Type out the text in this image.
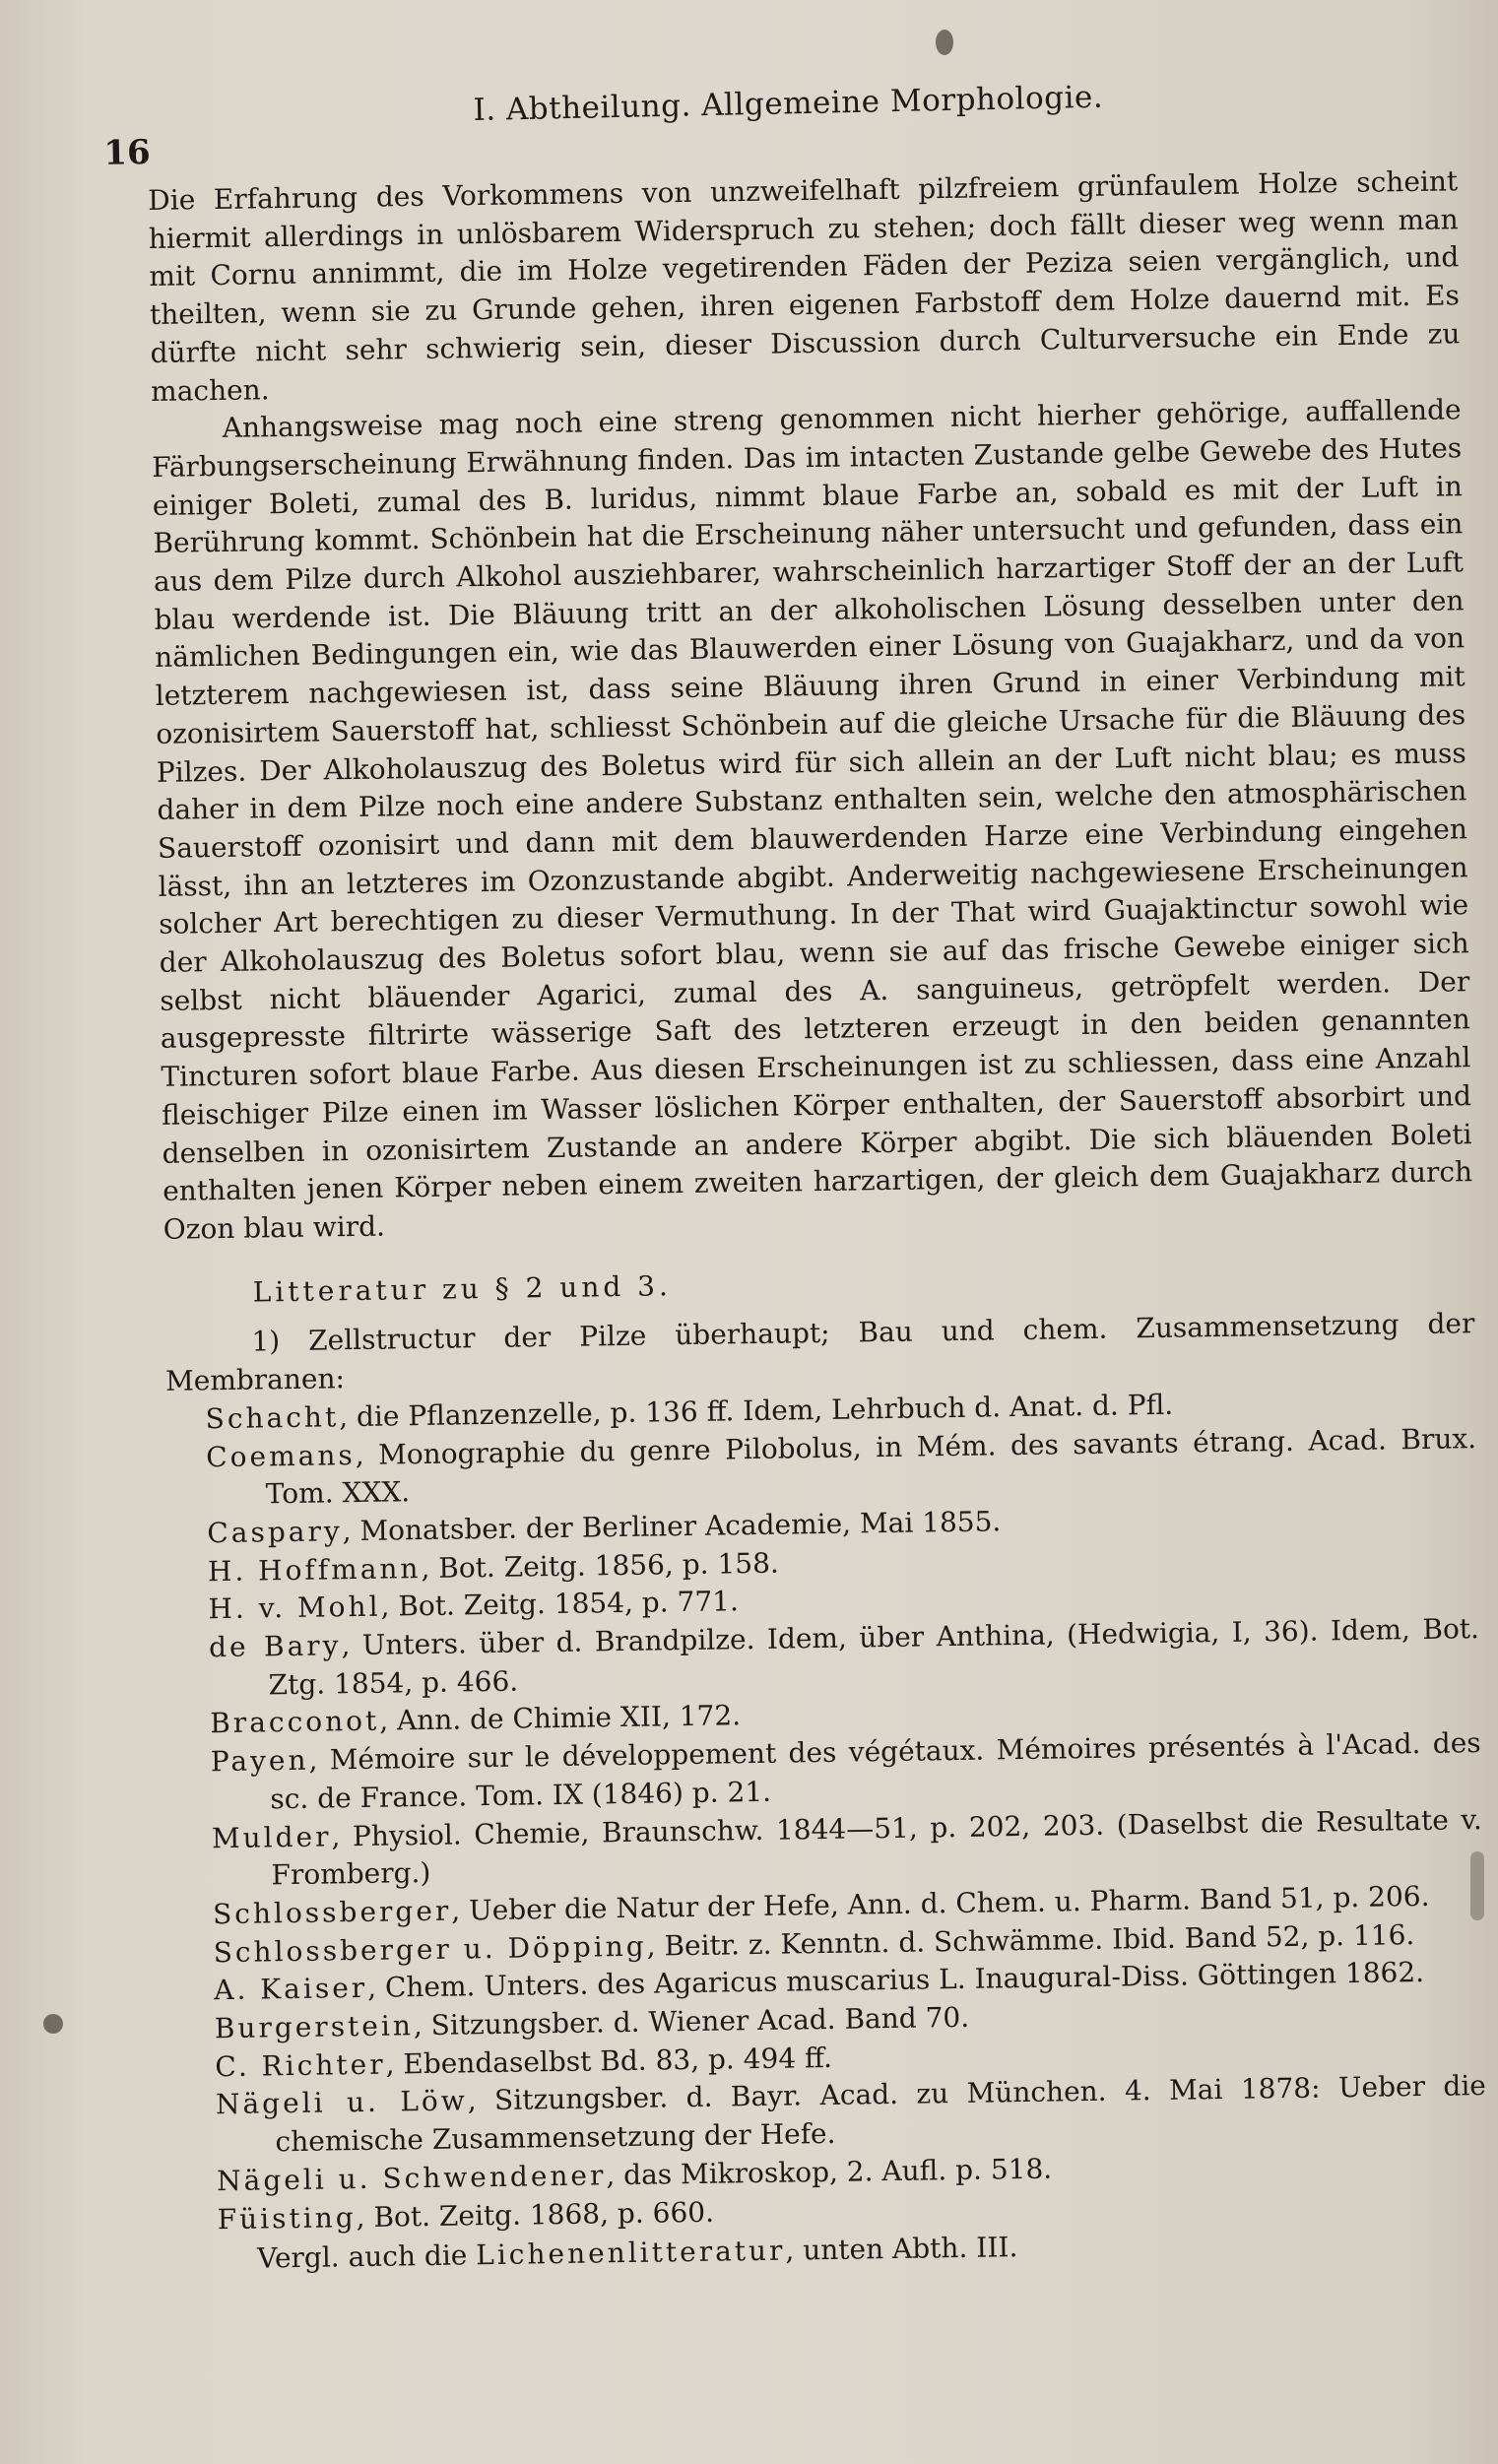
16
I. Abtheilung. Allgemeine Morphologie.

Die Erfahrung des Vorkommens von unzweifelhaft pilzfreiem grünfaulem Holze scheint hiermit allerdings in unlösbarem Widerspruch zu stehen; doch fällt dieser weg wenn man mit Cornu annimmt, die im Holze vegetirenden Fäden der Peziza seien vergänglich, und theilten, wenn sie zu Grunde gehen, ihren eigenen Farbstoff dem Holze dauernd mit. Es dürfte nicht sehr schwierig sein, dieser Discussion durch Culturversuche ein Ende zu machen.

Anhangsweise mag noch eine streng genommen nicht hierher gehörige, auffallende Färbungserscheinung Erwähnung finden. Das im intacten Zustande gelbe Gewebe des Hutes einiger Boleti, zumal des B. luridus, nimmt blaue Farbe an, sobald es mit der Luft in Berührung kommt. Schönbein hat die Erscheinung näher untersucht und gefunden, dass ein aus dem Pilze durch Alkohol ausziehbarer, wahrscheinlich harzartiger Stoff der an der Luft blau werdende ist. Die Bläuung tritt an der alkoholischen Lösung desselben unter den nämlichen Bedingungen ein, wie das Blauwerden einer Lösung von Guajakharz, und da von letzterem nachgewiesen ist, dass seine Bläuung ihren Grund in einer Verbindung mit ozonisirtem Sauerstoff hat, schliesst Schönbein auf die gleiche Ursache für die Bläuung des Pilzes. Der Alkoholauszug des Boletus wird für sich allein an der Luft nicht blau; es muss daher in dem Pilze noch eine andere Substanz enthalten sein, welche den atmosphärischen Sauerstoff ozonisirt und dann mit dem blauwerdenden Harze eine Verbindung eingehen lässt, ihn an letzteres im Ozonzustande abgibt. Anderweitig nachgewiesene Erscheinungen solcher Art berechtigen zu dieser Vermuthung. In der That wird Guajaktinctur sowohl wie der Alkoholauszug des Boletus sofort blau, wenn sie auf das frische Gewebe einiger sich selbst nicht bläuender Agarici, zumal des A. sanguineus, getröpfelt werden. Der ausgepresste filtrirte wässerige Saft des letzteren erzeugt in den beiden genannten Tincturen sofort blaue Farbe. Aus diesen Erscheinungen ist zu schliessen, dass eine Anzahl fleischiger Pilze einen im Wasser löslichen Körper enthalten, der Sauerstoff absorbirt und denselben in ozonisirtem Zustande an andere Körper abgibt. Die sich bläuenden Boleti enthalten jenen Körper neben einem zweiten harzartigen, der gleich dem Guajakharz durch Ozon blau wird.

Litteratur zu § 2 und 3.

1) Zellstructur der Pilze überhaupt; Bau und chem. Zusammensetzung der Membranen:

Schacht, die Pflanzenzelle, p. 136 ff. Idem, Lehrbuch d. Anat. d. Pfl.
Coemans, Monographie du genre Pilobolus, in Mém. des savants étrang. Acad. Brux. Tom. XXX.
Caspary, Monatsber. der Berliner Academie, Mai 1855.
H. Hoffmann, Bot. Zeitg. 1856, p. 158.
H. v. Mohl, Bot. Zeitg. 1854, p. 771.
de Bary, Unters. über d. Brandpilze. Idem, über Anthina, (Hedwigia, I, 36). Idem, Bot. Ztg. 1854, p. 466.
Bracconot, Ann. de Chimie XII, 172.
Payen, Mémoire sur le développement des végétaux. Mémoires présentés à l'Acad. des sc. de France. Tom. IX (1846) p. 21.
Mulder, Physiol. Chemie, Braunschw. 1844—51, p. 202, 203. (Daselbst die Resultate v. Fromberg.)
Schlossberger, Ueber die Natur der Hefe, Ann. d. Chem. u. Pharm. Band 51, p. 206.
Schlossberger u. Döpping, Beitr. z. Kenntn. d. Schwämme. Ibid. Band 52, p. 116.
A. Kaiser, Chem. Unters. des Agaricus muscarius L. Inaugural-Diss. Göttingen 1862.
Burgerstein, Sitzungsber. d. Wiener Acad. Band 70.
C. Richter, Ebendaselbst Bd. 83, p. 494 ff.
Nägeli u. Löw, Sitzungsber. d. Bayr. Acad. zu München. 4. Mai 1878: Ueber die chemische Zusammensetzung der Hefe.
Nägeli u. Schwendener, das Mikroskop, 2. Aufl. p. 518.
Füisting, Bot. Zeitg. 1868, p. 660.

Vergl. auch die Lichenenlitteratur, unten Abth. III.
